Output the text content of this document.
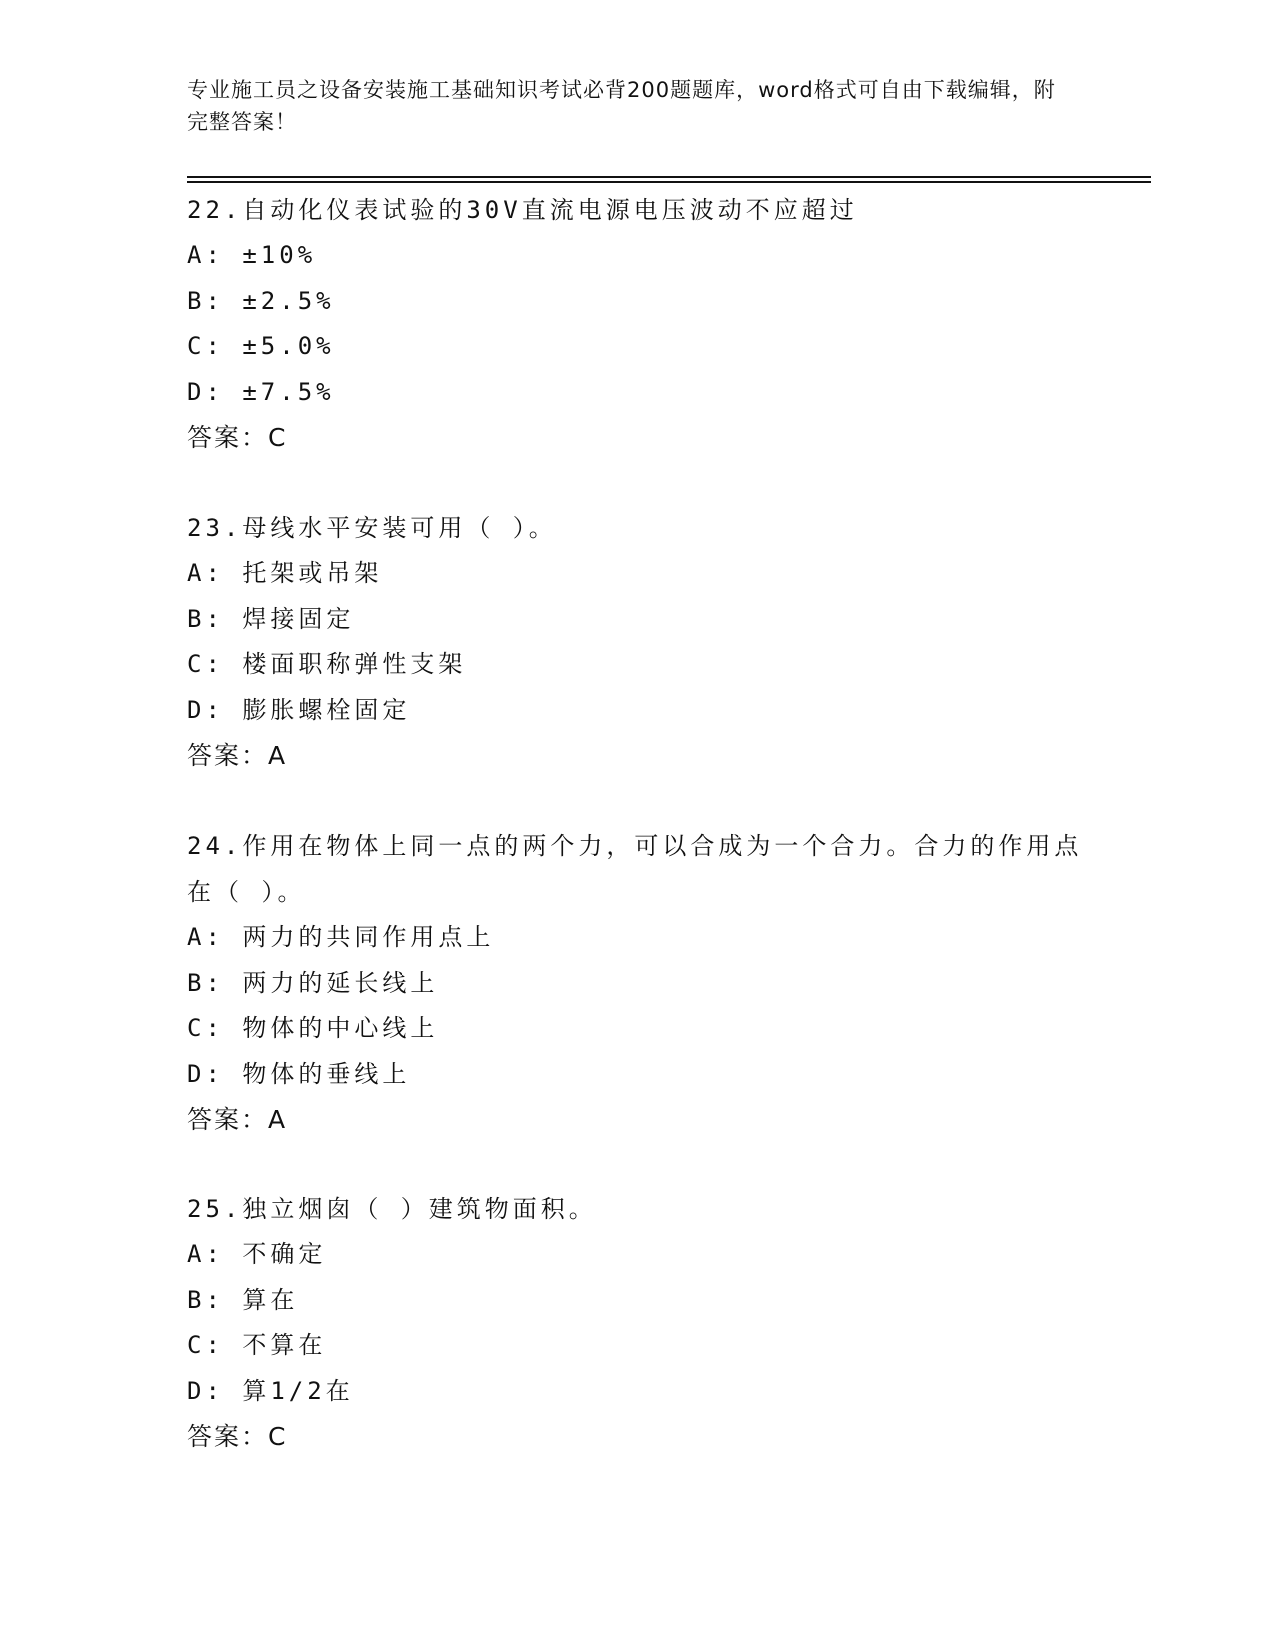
专业施工员之设备安装施工基础知识考试必背200题题库，word格式可自由下载编辑，附完整答案！

22.自动化仪表试验的30V直流电源电压波动不应超过

A: ±10%

B: ±2.5%

C: ±5.0%

D: ±7.5%

答案：C

23.母线水平安装可用（ ）。

A: 托架或吊架

B: 焊接固定

C: 楼面职称弹性支架

D: 膨胀螺栓固定

答案：A

24.作用在物体上同一点的两个力，可以合成为一个合力。合力的作用点在（ ）。

A: 两力的共同作用点上

B: 两力的延长线上

C: 物体的中心线上

D: 物体的垂线上

答案：A

25.独立烟囱（ ）建筑物面积。

A: 不确定

B: 算在

C: 不算在

D: 算1/2在

答案：C
